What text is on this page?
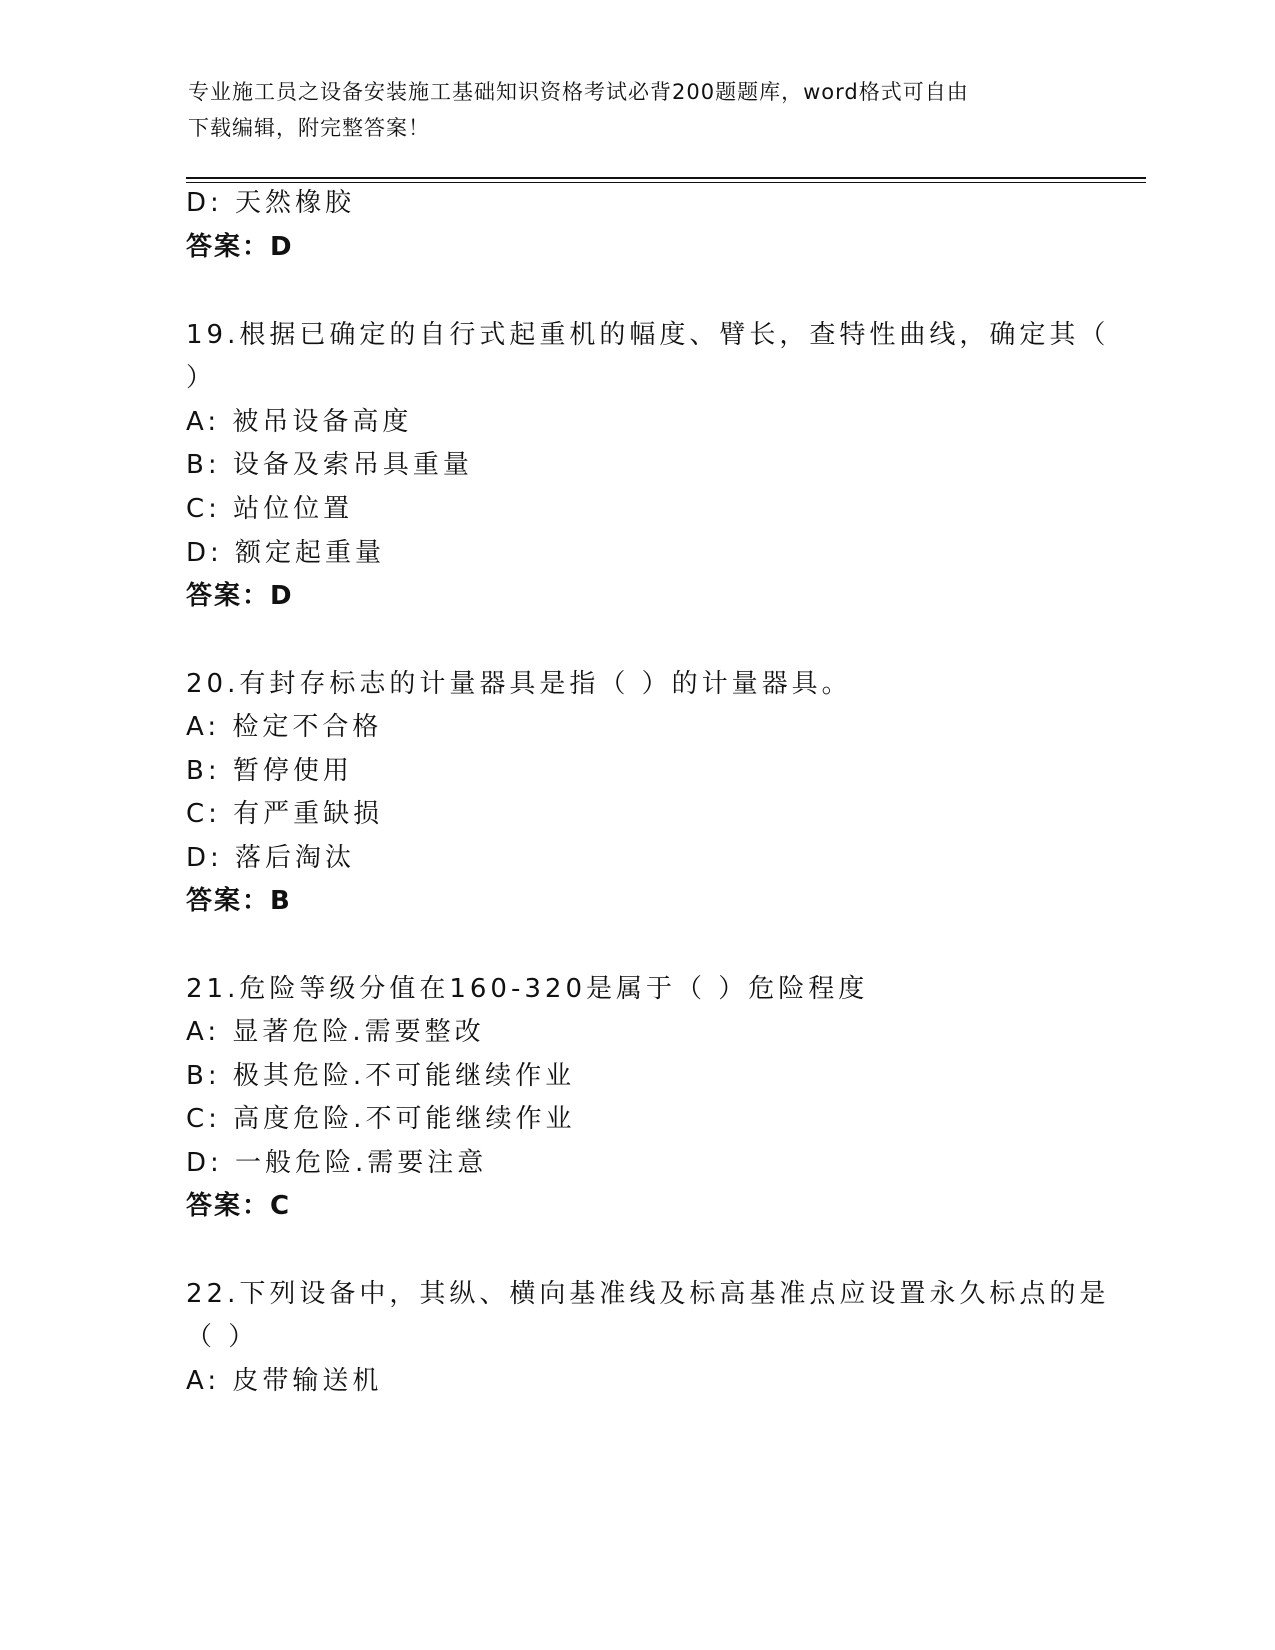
专业施工员之设备安装施工基础知识资格考试必背200题题库，word格式可自由
下载编辑，附完整答案！
D: 天然橡胶
答案：D
19.根据已确定的自行式起重机的幅度、臂长，查特性曲线，确定其（
）
A: 被吊设备高度
B: 设备及索吊具重量
C: 站位位置
D: 额定起重量
答案：D
20.有封存标志的计量器具是指（ ）的计量器具。
A: 检定不合格
B: 暂停使用
C: 有严重缺损
D: 落后淘汰
答案：B
21.危险等级分值在160-320是属于（ ）危险程度
A: 显著危险.需要整改
B: 极其危险.不可能继续作业
C: 高度危险.不可能继续作业
D: 一般危险.需要注意
答案：C
22.下列设备中，其纵、横向基准线及标高基准点应设置永久标点的是
（ ）
A: 皮带输送机
